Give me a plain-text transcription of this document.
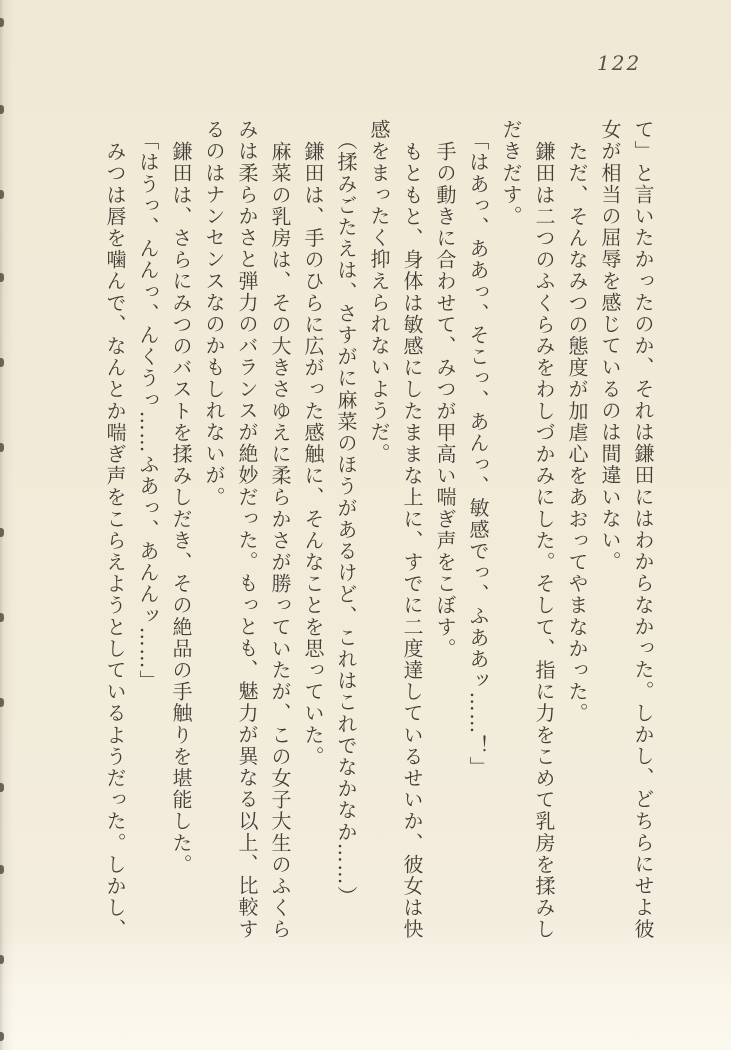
122

て」と言いたかったのか、それは鎌田にはわからなかった。しかし、どちらにせよ彼

女が相当の屈辱を感じているのは間違いない。

ただ、そんなみつの態度が加虐心をあおってやまなかった。

鎌田は二つのふくらみをわしづかみにした。そして、指に力をこめて乳房を揉みし

だきだす。

「はあっ、ああっ、そこっ、あんっ、敏感でっ、ふああッ……！」

手の動きに合わせて、みつが甲高い喘ぎ声をこぼす。

もともと、身体は敏感にしたままな上に、すでに二度達しているせいか、彼女は快

感をまったく抑えられないようだ。

（揉みごたえは、さすがに麻菜のほうがあるけど、これはこれでなかなか……）

鎌田は、手のひらに広がった感触に、そんなことを思っていた。

麻菜の乳房は、その大きさゆえに柔らかさが勝っていたが、この女子大生のふくら

みは柔らかさと弾力のバランスが絶妙だった。もっとも、魅力が異なる以上、比較す

るのはナンセンスなのかもしれないが。

鎌田は、さらにみつのバストを揉みしだき、その絶品の手触りを堪能した。

「はうっ、んんっ、んくうっ……ふあっ、あんんッ……」

みつは唇を噛んで、なんとか喘ぎ声をこらえようとしているようだった。しかし、
